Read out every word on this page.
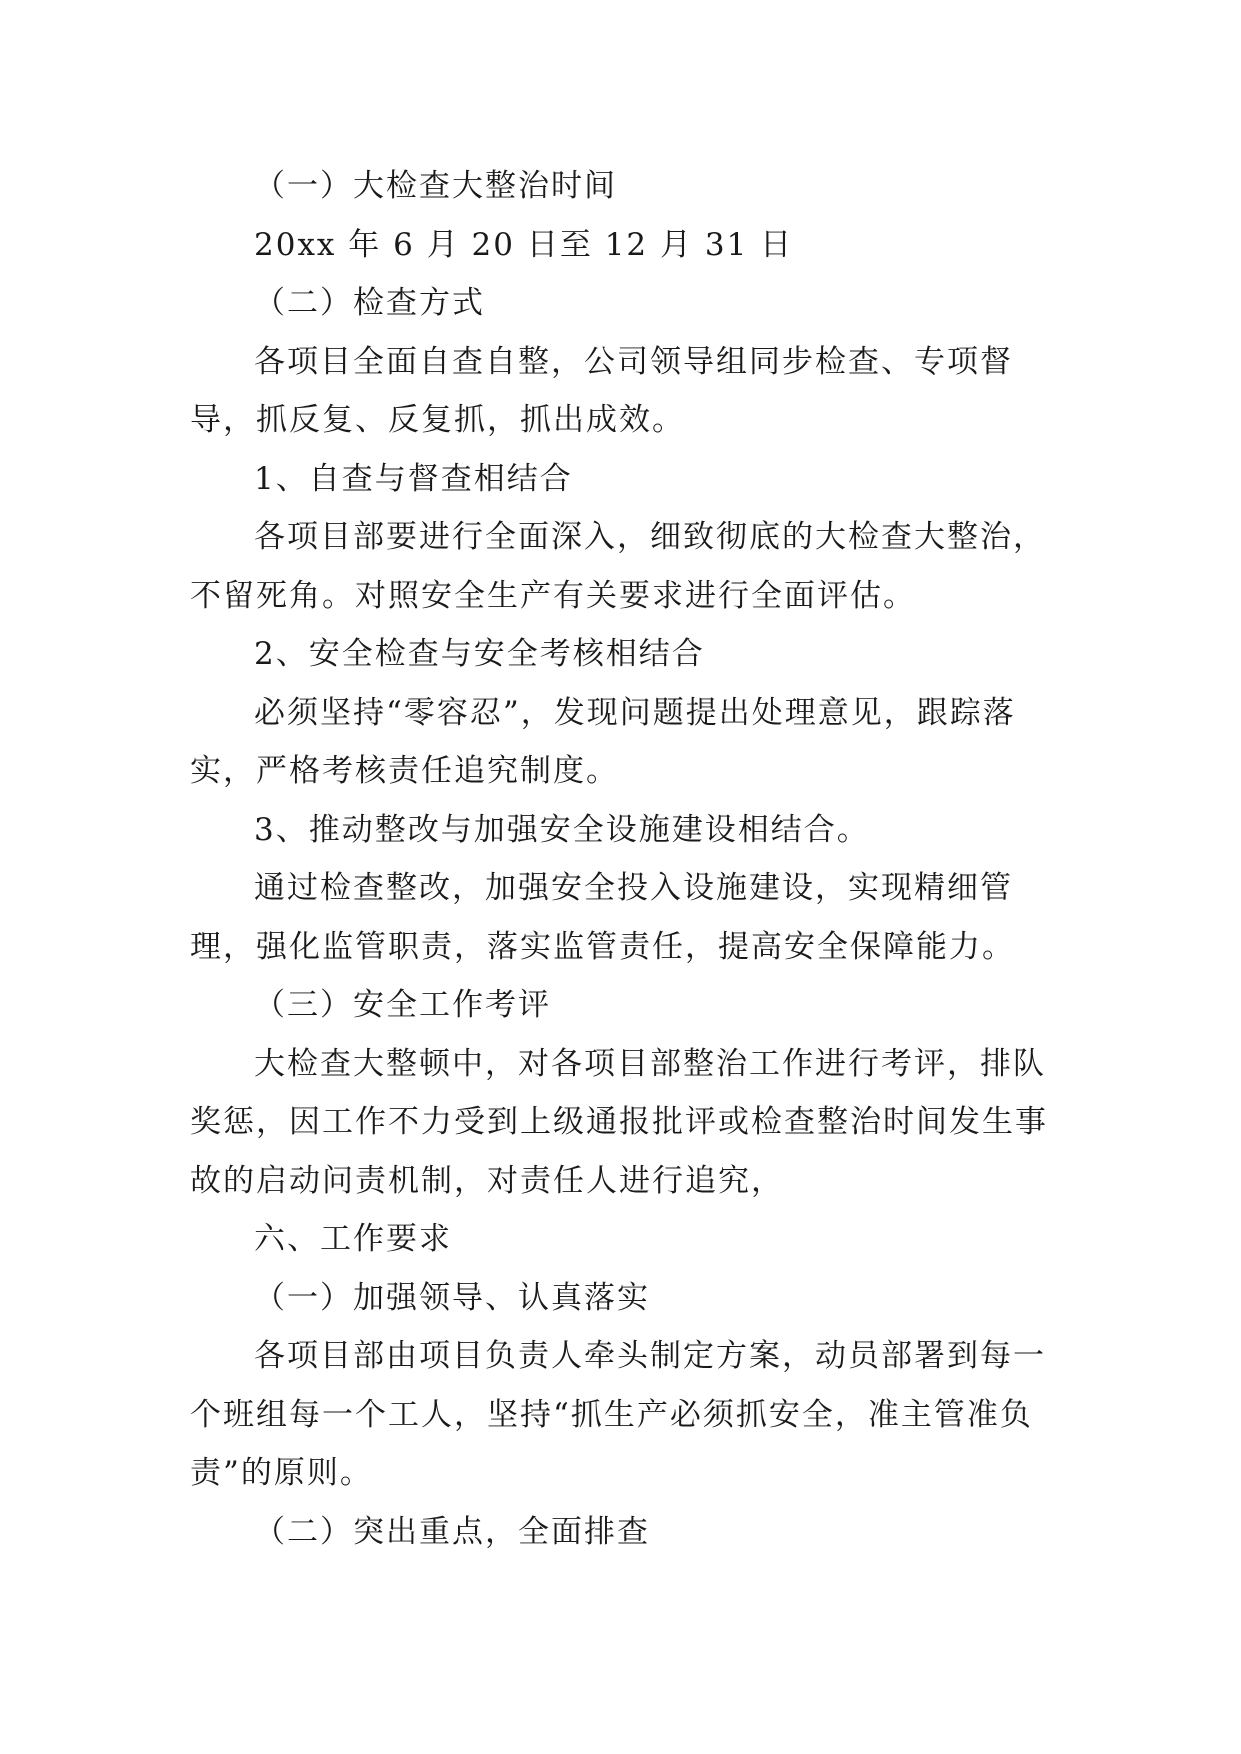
（一）大检查大整治时间

20xx 年 6 月 20 日至 12 月 31 日

（二）检查方式

各项目全面自查自整，公司领导组同步检查、专项督导，抓反复、反复抓，抓出成效。

1、自查与督查相结合

各项目部要进行全面深入，细致彻底的大检查大整治，不留死角。对照安全生产有关要求进行全面评估。

2、安全检查与安全考核相结合

必须坚持“零容忍”，发现问题提出处理意见，跟踪落实，严格考核责任追究制度。

3、推动整改与加强安全设施建设相结合。

通过检查整改，加强安全投入设施建设，实现精细管理，强化监管职责，落实监管责任，提高安全保障能力。

（三）安全工作考评

大检查大整顿中，对各项目部整治工作进行考评，排队奖惩，因工作不力受到上级通报批评或检查整治时间发生事故的启动问责机制，对责任人进行追究，

六、工作要求

（一）加强领导、认真落实

各项目部由项目负责人牵头制定方案，动员部署到每一个班组每一个工人，坚持“抓生产必须抓安全，准主管准负责”的原则。

（二）突出重点，全面排查
